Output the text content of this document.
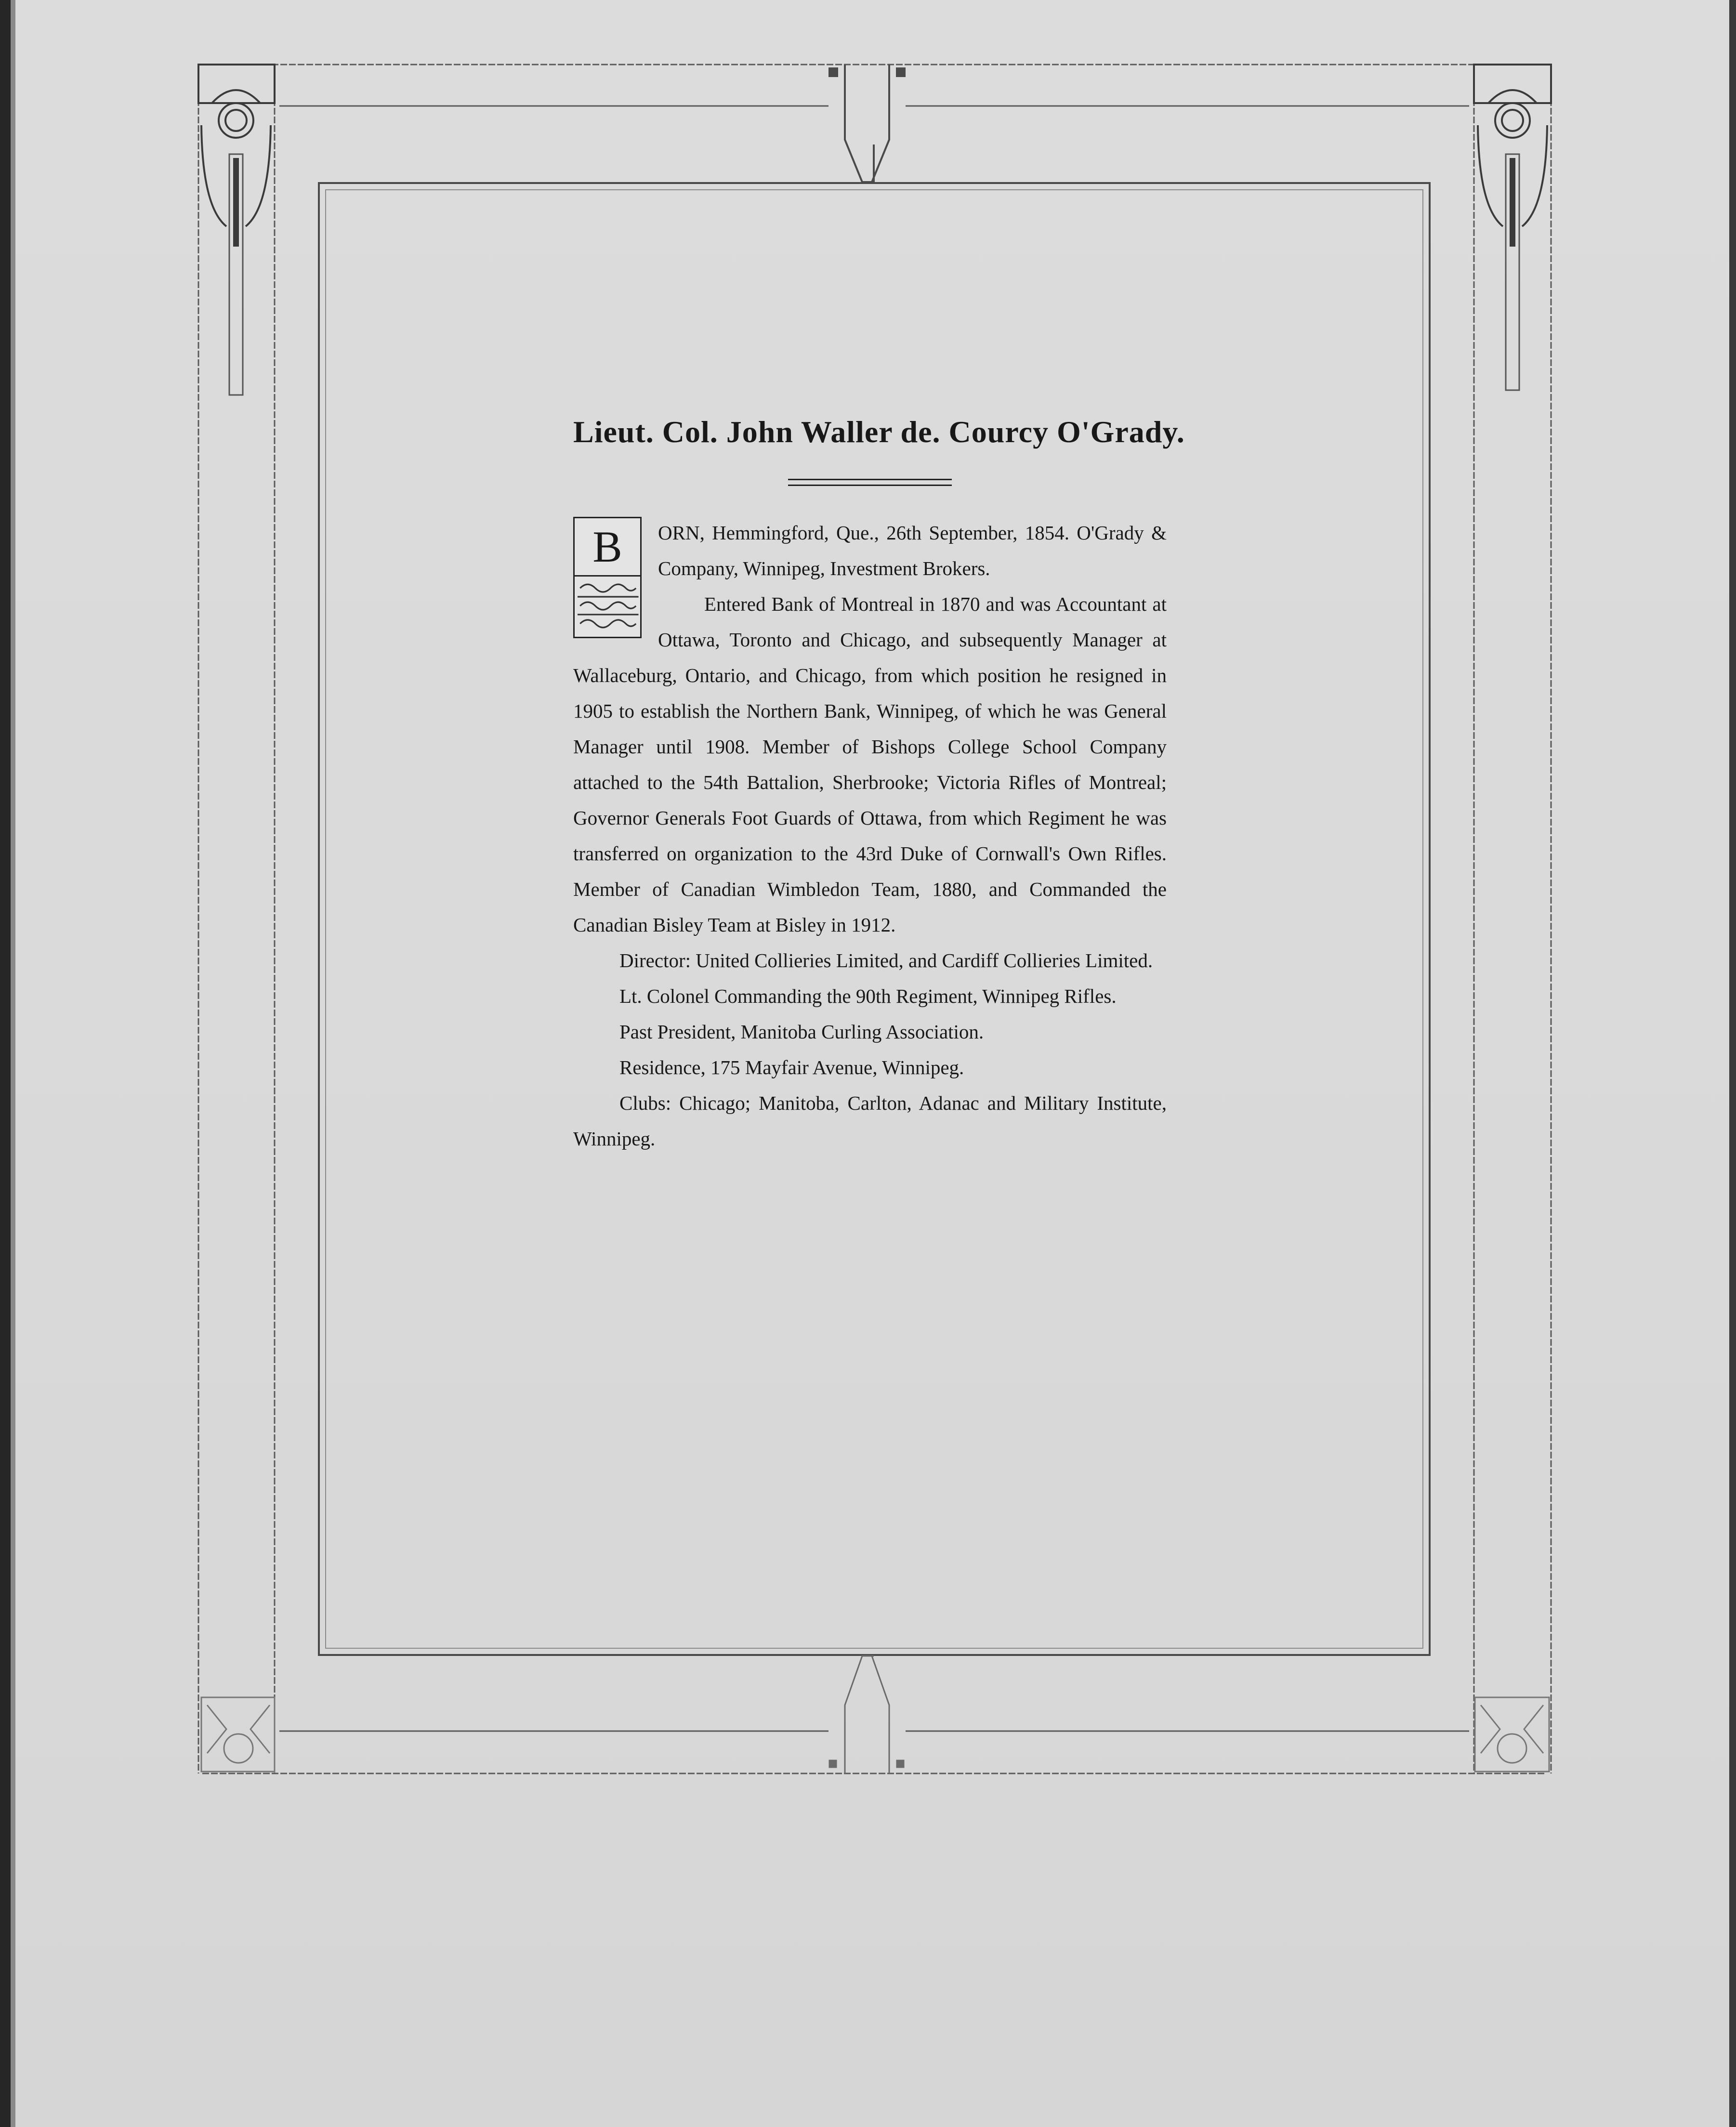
Lieut. Col. John Waller de. Courcy O'Grady.
B	ORN, Hemmingford, Que., 26th September, 1854. O'Grady & Company, Winnipeg, Investment Brokers.

Entered Bank of Montreal in 1870 and was Accountant at Ottawa, Toronto and Chicago, and subsequently Manager at Wallaceburg, Ontario, and Chicago, from which position he resigned in 1905 to establish the Northern Bank, Winnipeg, of which he was General Manager until 1908. Member of Bishops College School Company attached to the 54th Battalion, Sherbrooke; Victoria Rifles of Montreal; Governor Generals Foot Guards of Ottawa, from which Regiment he was transferred on organization to the 43rd Duke of Cornwall's Own Rifles. Member of Canadian Wimbledon Team, 1880, and Commanded the Canadian Bisley Team at Bisley in 1912.

Director: United Collieries Limited, and Cardiff Collieries Limited.

Lt. Colonel Commanding the 90th Regiment, Winnipeg Rifles.

Past President, Manitoba Curling Association.

Residence, 175 Mayfair Avenue, Winnipeg.

Clubs: Chicago; Manitoba, Carlton, Adanac and Military Institute, Winnipeg.
